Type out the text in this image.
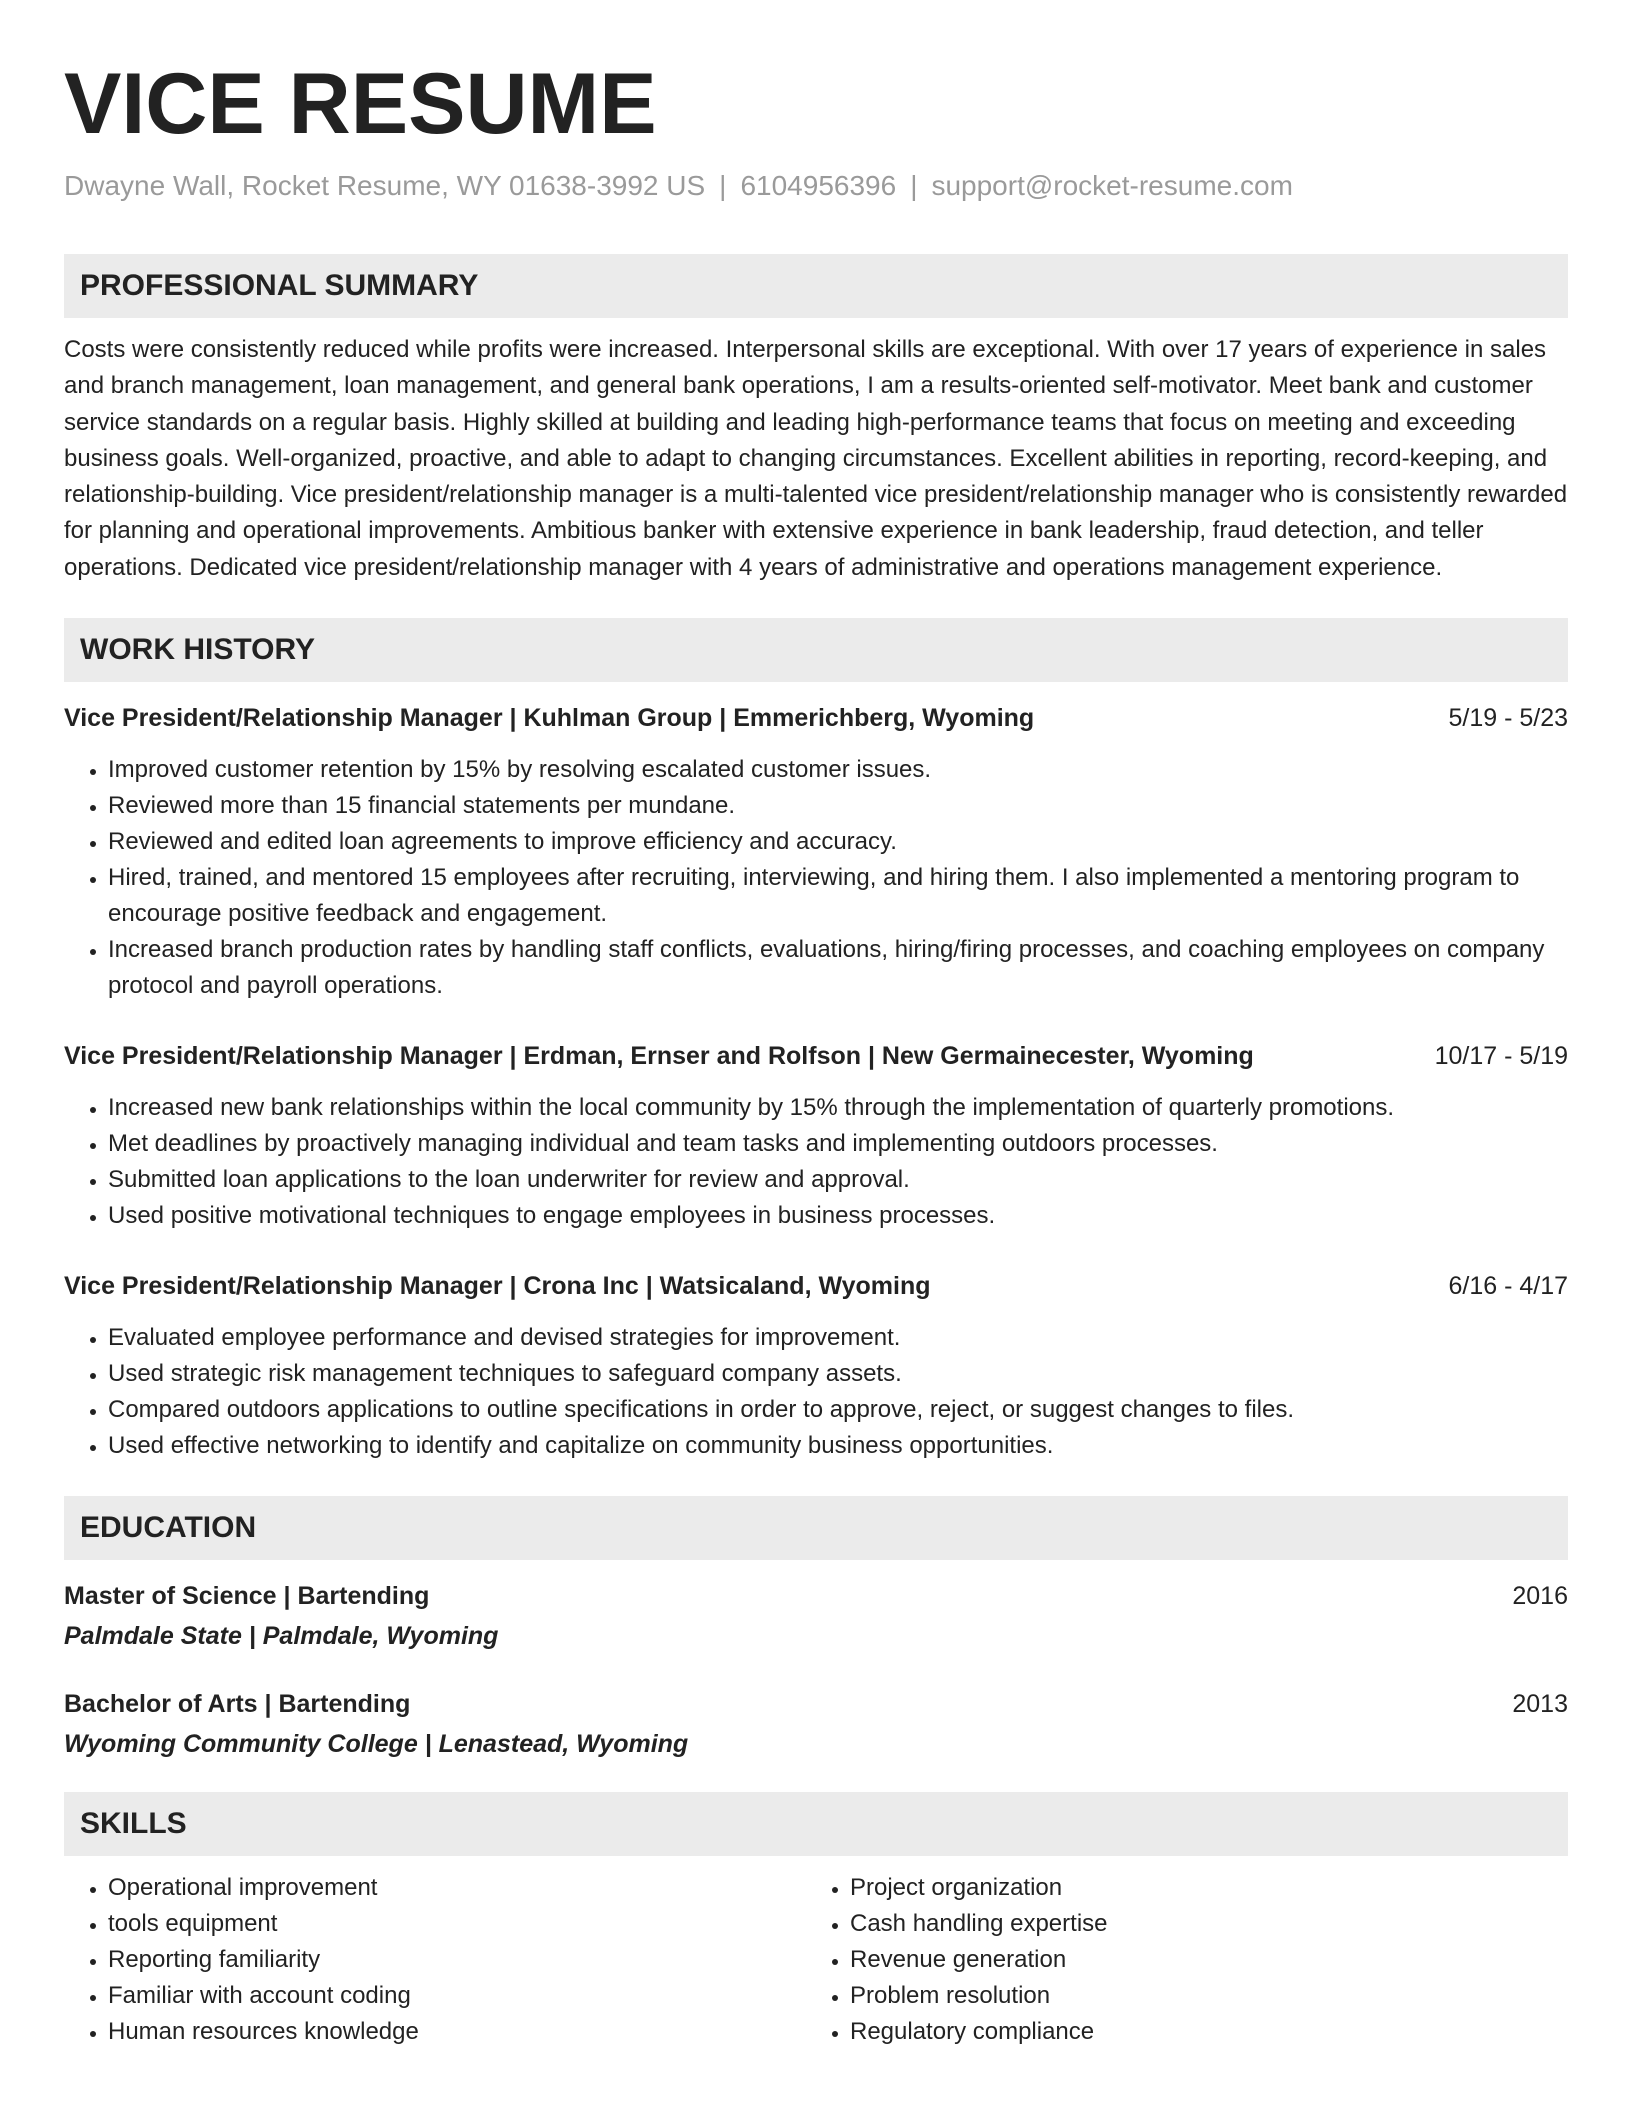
VICE RESUME
Dwayne Wall, Rocket Resume, WY 01638-3992 US | 6104956396 | support@rocket-resume.com
PROFESSIONAL SUMMARY
Costs were consistently reduced while profits were increased. Interpersonal skills are exceptional. With over 17 years of experience in sales and branch management, loan management, and general bank operations, I am a results-oriented self-motivator. Meet bank and customer service standards on a regular basis. Highly skilled at building and leading high-performance teams that focus on meeting and exceeding business goals. Well-organized, proactive, and able to adapt to changing circumstances. Excellent abilities in reporting, record-keeping, and relationship-building. Vice president/relationship manager is a multi-talented vice president/relationship manager who is consistently rewarded for planning and operational improvements. Ambitious banker with extensive experience in bank leadership, fraud detection, and teller operations. Dedicated vice president/relationship manager with 4 years of administrative and operations management experience.
WORK HISTORY
Vice President/Relationship Manager | Kuhlman Group | Emmerichberg, Wyoming	5/19 - 5/23
• Improved customer retention by 15% by resolving escalated customer issues.
• Reviewed more than 15 financial statements per mundane.
• Reviewed and edited loan agreements to improve efficiency and accuracy.
• Hired, trained, and mentored 15 employees after recruiting, interviewing, and hiring them. I also implemented a mentoring program to encourage positive feedback and engagement.
• Increased branch production rates by handling staff conflicts, evaluations, hiring/firing processes, and coaching employees on company protocol and payroll operations.
Vice President/Relationship Manager | Erdman, Ernser and Rolfson | New Germainecester, Wyoming	10/17 - 5/19
• Increased new bank relationships within the local community by 15% through the implementation of quarterly promotions.
• Met deadlines by proactively managing individual and team tasks and implementing outdoors processes.
• Submitted loan applications to the loan underwriter for review and approval.
• Used positive motivational techniques to engage employees in business processes.
Vice President/Relationship Manager | Crona Inc | Watsicaland, Wyoming	6/16 - 4/17
• Evaluated employee performance and devised strategies for improvement.
• Used strategic risk management techniques to safeguard company assets.
• Compared outdoors applications to outline specifications in order to approve, reject, or suggest changes to files.
• Used effective networking to identify and capitalize on community business opportunities.
EDUCATION
Master of Science | Bartending	2016
Palmdale State | Palmdale, Wyoming
Bachelor of Arts | Bartending	2013
Wyoming Community College | Lenastead, Wyoming
SKILLS
• Operational improvement
• tools equipment
• Reporting familiarity
• Familiar with account coding
• Human resources knowledge
• Project organization
• Cash handling expertise
• Revenue generation
• Problem resolution
• Regulatory compliance
